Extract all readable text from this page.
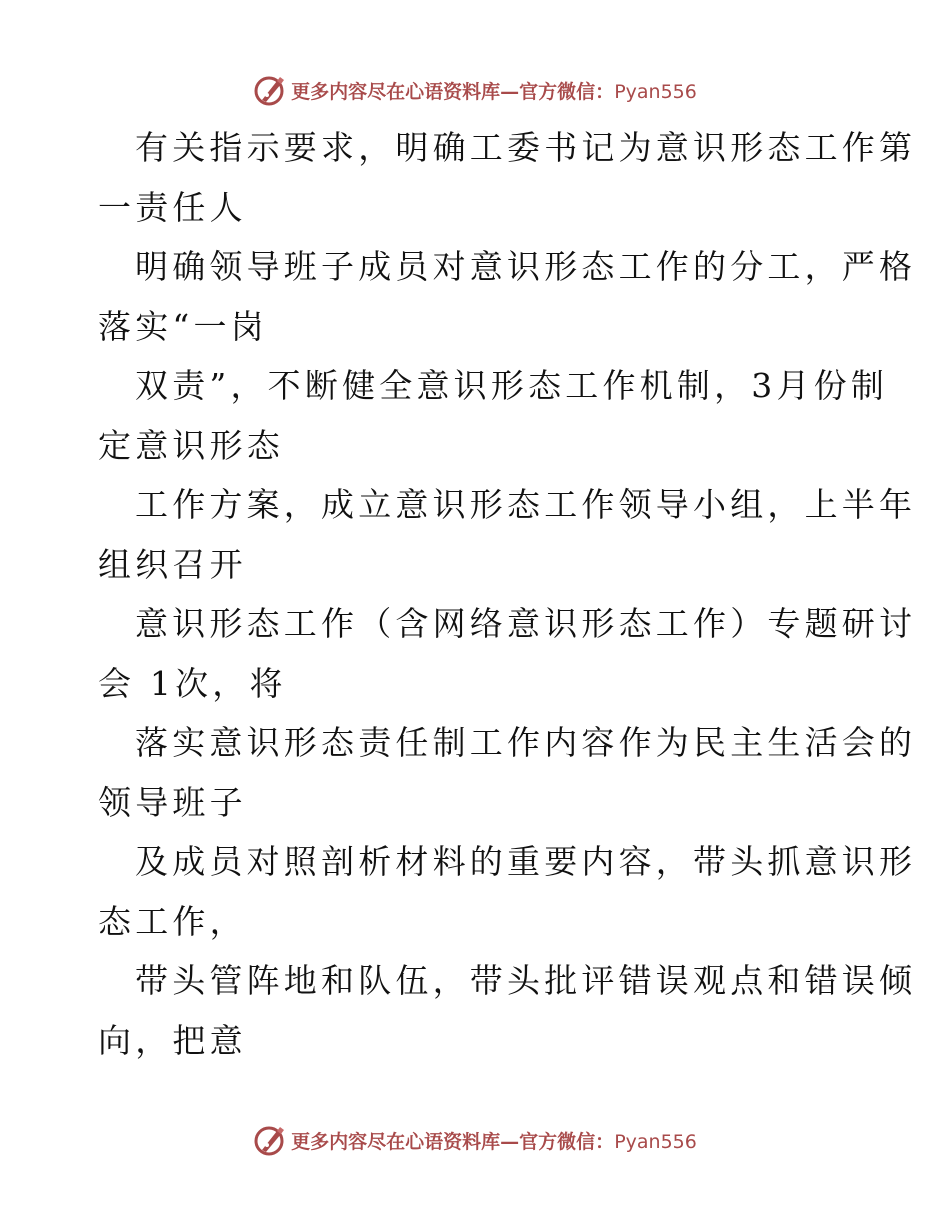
更多内容尽在心语资料库—官方微信：Pyan556
有关指示要求，明确工委书记为意识形态工作第
一责任人
明确领导班子成员对意识形态工作的分工，严格
落实“一岗
双责”，不断健全意识形态工作机制，3月份制
定意识形态
工作方案，成立意识形态工作领导小组，上半年
组织召开
意识形态工作（含网络意识形态工作）专题研讨
会 1次，将
落实意识形态责任制工作内容作为民主生活会的
领导班子
及成员对照剖析材料的重要内容，带头抓意识形
态工作，
带头管阵地和队伍，带头批评错误观点和错误倾
向，把意
更多内容尽在心语资料库—官方微信：Pyan556
